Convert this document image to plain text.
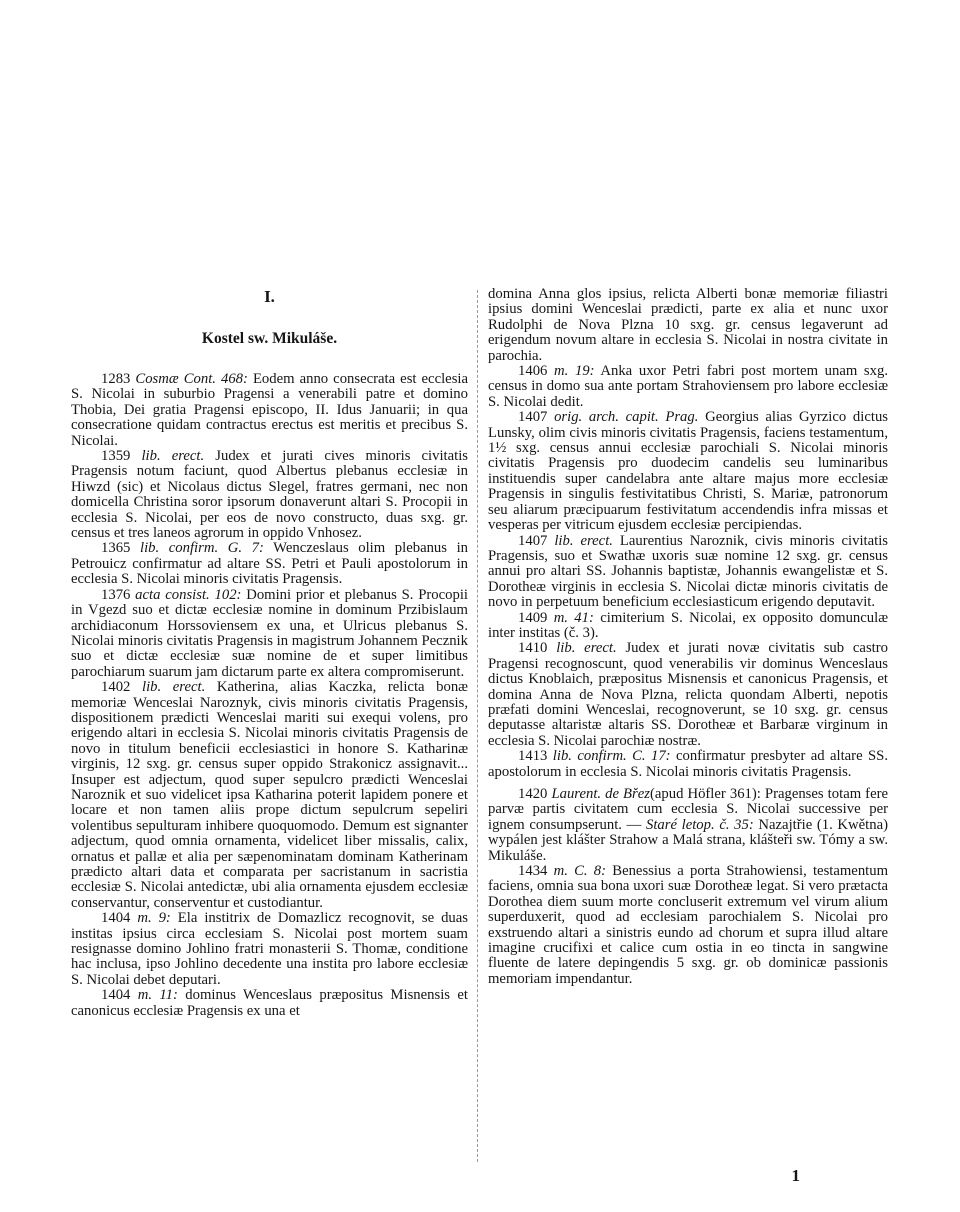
I.
Kostel sw. Mikuláše.

1283 Cosmæ Cont. 468: Eodem anno consecrata est ecclesia S. Nicolai in suburbio Pragensi a venerabili patre et domino Thobia, Dei gratia Pragensi episcopo, II. Idus Januarii; in qua consecratione quidam contractus erectus est meritis et precibus S. Nicolai.

1359 lib. erect. Judex et jurati cives minoris civitatis Pragensis notum faciunt, quod Albertus plebanus ecclesiæ in Hiwzd (sic) et Nicolaus dictus Slegel, fratres germani, nec non domicella Christina soror ipsorum donaverunt altari S. Procopii in ecclesia S. Nicolai, per eos de novo constructo, duas sxg. gr. census et tres laneos agrorum in oppido Vnhosez.

1365 lib. confirm. G. 7: Wenczeslaus olim plebanus in Petrouicz confirmatur ad altare SS. Petri et Pauli apostolorum in ecclesia S. Nicolai minoris civitatis Pragensis.

1376 acta consist. 102: Domini prior et plebanus S. Procopii in Vgezd suo et dictæ ecclesiæ nomine in dominum Przibislaum archidiaconum Horssoviensem ex una, et Ulricus plebanus S. Nicolai minoris civitatis Pragensis in magistrum Johannem Pecznik suo et dictæ ecclesiæ suæ nomine de et super limitibus parochiarum suarum jam dictarum parte ex altera compromiserunt.

1402 lib. erect. Katherina, alias Kaczka, relicta bonæ memoriæ Wenceslai Naroznyk, civis minoris civitatis Pragensis, dispositionem prædicti Wenceslai mariti sui exequi volens, pro erigendo altari in ecclesia S. Nicolai minoris civitatis Pragensis de novo in titulum beneficii ecclesiastici in honore S. Katharinæ virginis, 12 sxg. gr. census super oppido Strakonicz assignavit... Insuper est adjectum, quod super sepulcro prædicti Wenceslai Naroznik et suo videlicet ipsa Katharina poterit lapidem ponere et locare et non tamen aliis prope dictum sepulcrum sepeliri volentibus sepulturam inhibere quoquomodo. Demum est signanter adjectum, quod omnia ornamenta, videlicet liber missalis, calix, ornatus et pallæ et alia per sæpenominatam dominam Katherinam prædicto altari data et comparata per sacristanum in sacristia ecclesiæ S. Nicolai antedictæ, ubi alia ornamenta ejusdem ecclesiæ conservantur, conserventur et custodiantur.

1404 m. 9: Ela institrix de Domazlicz recognovit, se duas institas ipsius circa ecclesiam S. Nicolai post mortem suam resignasse domino Johlino fratri monasterii S. Thomæ, conditione hac inclusa, ipso Johlino decedente una instita pro labore ecclesiæ S. Nicolai debet deputari.

1404 m. 11: dominus Wenceslaus præpositus Misnensis et canonicus ecclesiæ Pragensis ex una et

domina Anna glos ipsius, relicta Alberti bonæ memoriæ filiastri ipsius domini Wenceslai prædicti, parte ex alia et nunc uxor Rudolphi de Nova Plzna 10 sxg. gr. census legaverunt ad erigendum novum altare in ecclesia S. Nicolai in nostra civitate in parochia.

1406 m. 19: Anka uxor Petri fabri post mortem unam sxg. census in domo sua ante portam Strahoviensem pro labore ecclesiæ S. Nicolai dedit.

1407 orig. arch. capit. Prag. Georgius alias Gyrzico dictus Lunsky, olim civis minoris civitatis Pragensis, faciens testamentum, 1½ sxg. census annui ecclesiæ parochiali S. Nicolai minoris civitatis Pragensis pro duodecim candelis seu luminaribus instituendis super candelabra ante altare majus more ecclesiæ Pragensis in singulis festivitatibus Christi, S. Mariæ, patronorum seu aliarum præcipuarum festivitatum accendendis infra missas et vesperas per vitricum ejusdem ecclesiæ percipiendas.

1407 lib. erect. Laurentius Naroznik, civis minoris civitatis Pragensis, suo et Swathæ uxoris suæ nomine 12 sxg. gr. census annui pro altari SS. Johannis baptistæ, Johannis ewangelistæ et S. Dorotheæ virginis in ecclesia S. Nicolai dictæ minoris civitatis de novo in perpetuum beneficium ecclesiasticum erigendo deputavit.

1409 m. 41: cimiterium S. Nicolai, ex opposito domunculæ inter institas (č. 3).

1410 lib. erect. Judex et jurati novæ civitatis sub castro Pragensi recognoscunt, quod venerabilis vir dominus Wenceslaus dictus Knoblaich, præpositus Misnensis et canonicus Pragensis, et domina Anna de Nova Plzna, relicta quondam Alberti, nepotis præfati domini Wenceslai, recognoverunt, se 10 sxg. gr. census deputasse altaristæ altaris SS. Dorotheæ et Barbaræ virginum in ecclesia S. Nicolai parochiæ nostræ.

1413 lib. confirm. C. 17: confirmatur presbyter ad altare SS. apostolorum in ecclesia S. Nicolai minoris civitatis Pragensis.

1420 Laurent. de Břez(apud Höfler 361): Pragenses totam fere parvæ partis civitatem cum ecclesia S. Nicolai successive per ignem consumpserunt. — Staré letop. č. 35: Nazajtřie (1. Kwětna) wypálen jest klášter Strahow a Malá strana, klášteři sw. Tómy a sw. Mikuláše.

1434 m. C. 8: Benessius a porta Strahowiensi, testamentum faciens, omnia sua bona uxori suæ Dorotheæ legat. Si vero prætacta Dorothea diem suum morte concluserit extremum vel virum alium superduxerit, quod ad ecclesiam parochialem S. Nicolai pro exstruendo altari a sinistris eundo ad chorum et supra illud altare imagine crucifixi et calice cum ostia in eo tincta in sangwine fluente de latere depingendis 5 sxg. gr. ob dominicæ passionis memoriam impendantur.

1
